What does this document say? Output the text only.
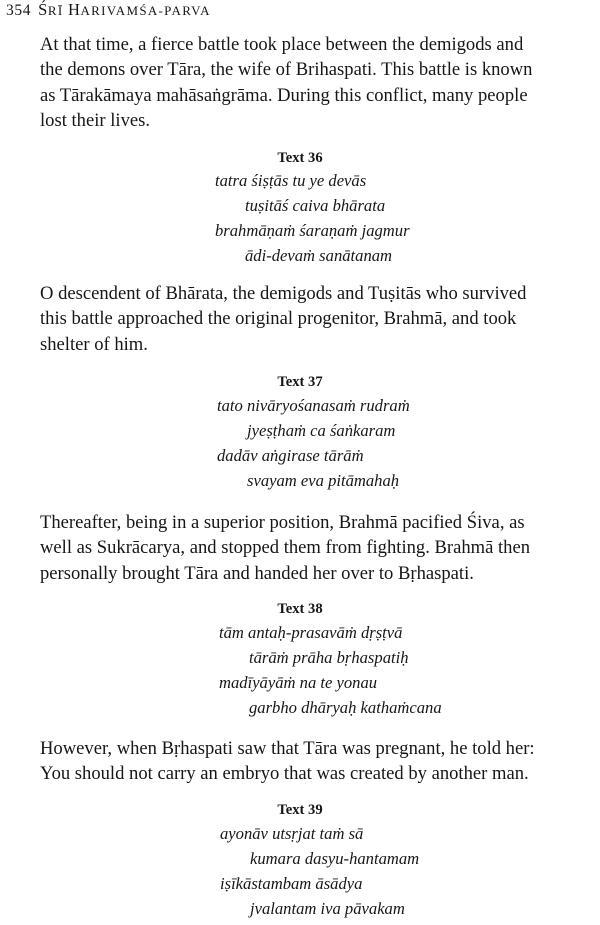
354 ŚRĪ HARIVAMŚA-PARVA
At that time, a fierce battle took place between the demigods and
the demons over Tāra, the wife of Brihaspati. This battle is known
as Tārakāmaya mahāsaṅgrāma. During this conflict, many people
lost their lives.
Text 36
tatra śiṣṭās tu ye devās
tuṣitāś caiva bhārata
brahmāṇaṁ śaraṇaṁ jagmur
ādi-devaṁ sanātanam
O descendent of Bhārata, the demigods and Tuṣitās who survived
this battle approached the original progenitor, Brahmā, and took
shelter of him.
Text 37
tato nivāryośanasaṁ rudraṁ
jyeṣṭhaṁ ca śaṅkaram
dadāv aṅgirase tārāṁ
svayam eva pitāmahaḥ
Thereafter, being in a superior position, Brahmā pacified Śiva, as
well as Sukrācarya, and stopped them from fighting. Brahmā then
personally brought Tāra and handed her over to Bṛhaspati.
Text 38
tām antaḥ-prasavāṁ dṛṣṭvā
tārāṁ prāha bṛhaspatiḥ
madīyāyāṁ na te yonau
garbho dhāryaḥ kathaṁcana
However, when Bṛhaspati saw that Tāra was pregnant, he told her:
You should not carry an embryo that was created by another man.
Text 39
ayonāv utsṛjat taṁ sā
kumara dasyu-hantamam
iṣīkāstambam āsādya
jvalantam iva pāvakam
